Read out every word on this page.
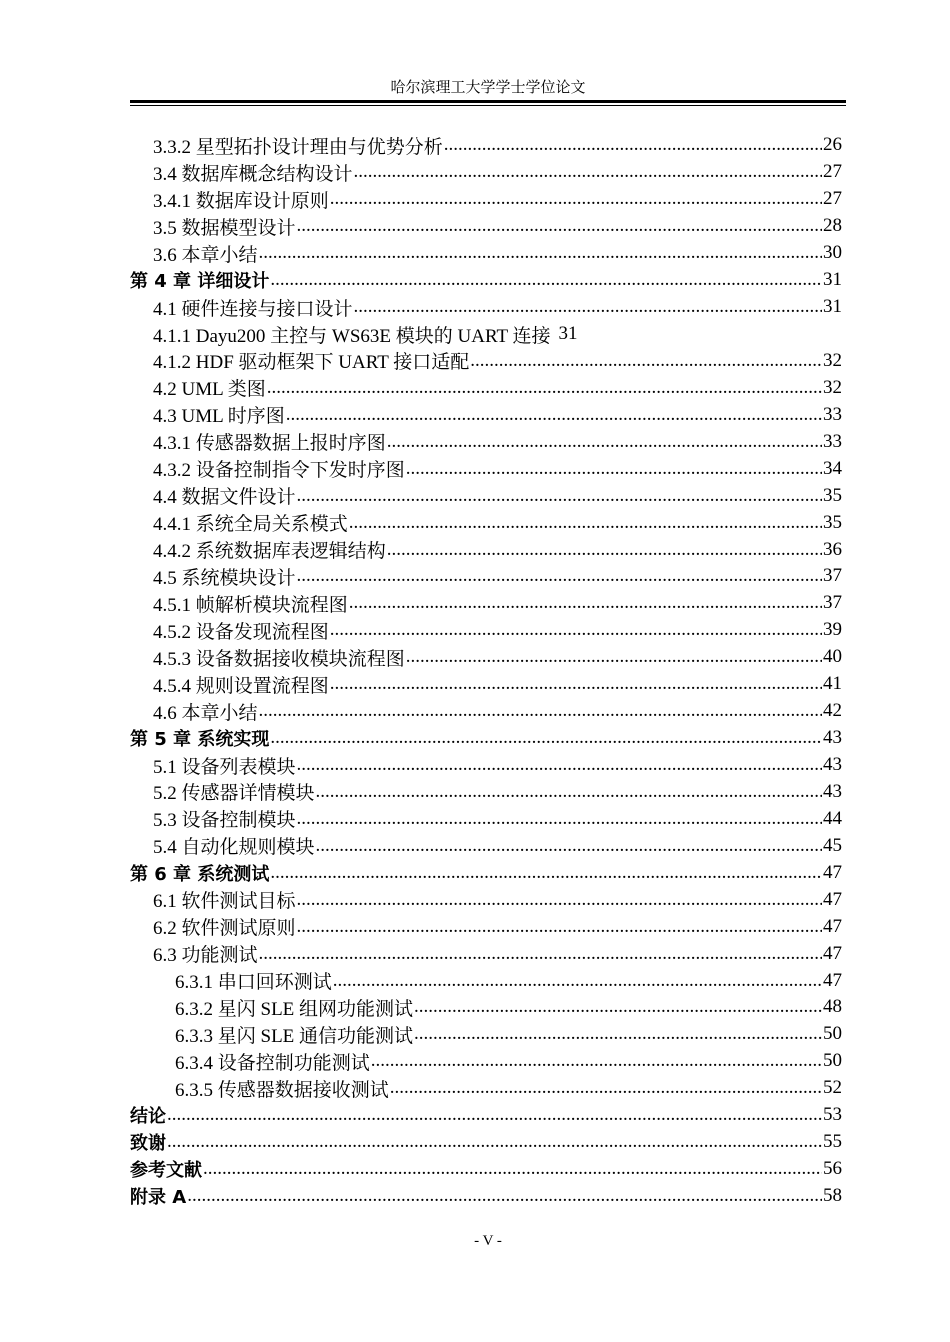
哈尔滨理工大学学士学位论文
3.3.2 星型拓扑设计理由与优势分析 .....	26
3.4 数据库概念结构设计 .....	27
3.4.1 数据库设计原则 .....	27
3.5 数据模型设计 .....	28
3.6 本章小结 .....	30
第 4 章 详细设计 .....	31
4.1 硬件连接与接口设计 .....	31
4.1.1 Dayu200 主控与 WS63E 模块的 UART 连接 31
4.1.2 HDF 驱动框架下 UART 接口适配 .....	32
4.2 UML 类图 .....	32
4.3 UML 时序图 .....	33
4.3.1 传感器数据上报时序图 .....	33
4.3.2 设备控制指令下发时序图 .....	34
4.4 数据文件设计 .....	35
4.4.1 系统全局关系模式 .....	35
4.4.2 系统数据库表逻辑结构 .....	36
4.5 系统模块设计 .....	37
4.5.1 帧解析模块流程图 .....	37
4.5.2 设备发现流程图 .....	39
4.5.3 设备数据接收模块流程图 .....	40
4.5.4 规则设置流程图 .....	41
4.6 本章小结 .....	42
第 5 章 系统实现 .....	43
5.1 设备列表模块 .....	43
5.2 传感器详情模块 .....	43
5.3 设备控制模块 .....	44
5.4 自动化规则模块 .....	45
第 6 章 系统测试 .....	47
6.1 软件测试目标 .....	47
6.2 软件测试原则 .....	47
6.3 功能测试 .....	47
6.3.1 串口回环测试 .....	47
6.3.2 星闪 SLE 组网功能测试 .....	48
6.3.3 星闪 SLE 通信功能测试 .....	50
6.3.4 设备控制功能测试 .....	50
6.3.5 传感器数据接收测试 .....	52
结论 .....	53
致谢 .....	55
参考文献 .....	56
附录 A .....	58
- V -
